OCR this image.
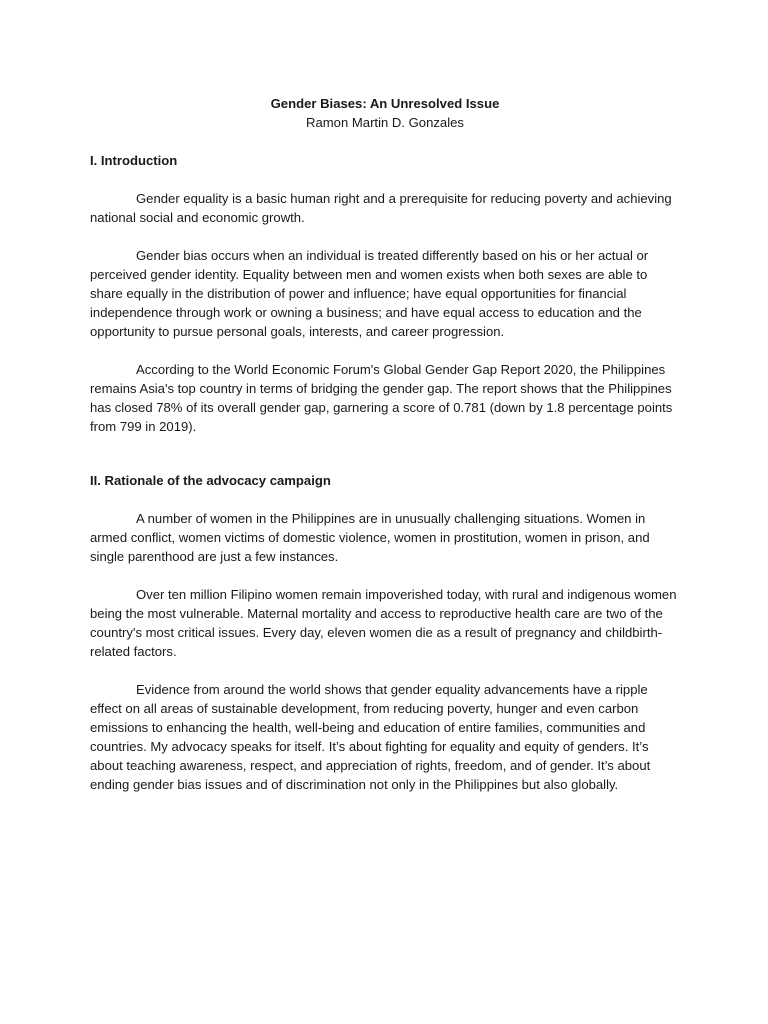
Gender Biases: An Unresolved Issue
Ramon Martin D. Gonzales
I. Introduction

Gender equality is a basic human right and a prerequisite for reducing poverty and achieving national social and economic growth.

Gender bias occurs when an individual is treated differently based on his or her actual or perceived gender identity. Equality between men and women exists when both sexes are able to share equally in the distribution of power and influence; have equal opportunities for financial independence through work or owning a business; and have equal access to education and the opportunity to pursue personal goals, interests, and career progression.

According to the World Economic Forum's Global Gender Gap Report 2020, the Philippines remains Asia's top country in terms of bridging the gender gap. The report shows that the Philippines has closed 78% of its overall gender gap, garnering a score of 0.781 (down by 1.8 percentage points from 799 in 2019).

II. Rationale of the advocacy campaign

A number of women in the Philippines are in unusually challenging situations. Women in armed conflict, women victims of domestic violence, women in prostitution, women in prison, and single parenthood are just a few instances.

Over ten million Filipino women remain impoverished today, with rural and indigenous women being the most vulnerable. Maternal mortality and access to reproductive health care are two of the country's most critical issues. Every day, eleven women die as a result of pregnancy and childbirth-related factors.

Evidence from around the world shows that gender equality advancements have a ripple effect on all areas of sustainable development, from reducing poverty, hunger and even carbon emissions to enhancing the health, well-being and education of entire families, communities and countries. My advocacy speaks for itself. It’s about fighting for equality and equity of genders. It’s about teaching awareness, respect, and appreciation of rights, freedom, and of gender. It’s about ending gender bias issues and of discrimination not only in the Philippines but also globally.
